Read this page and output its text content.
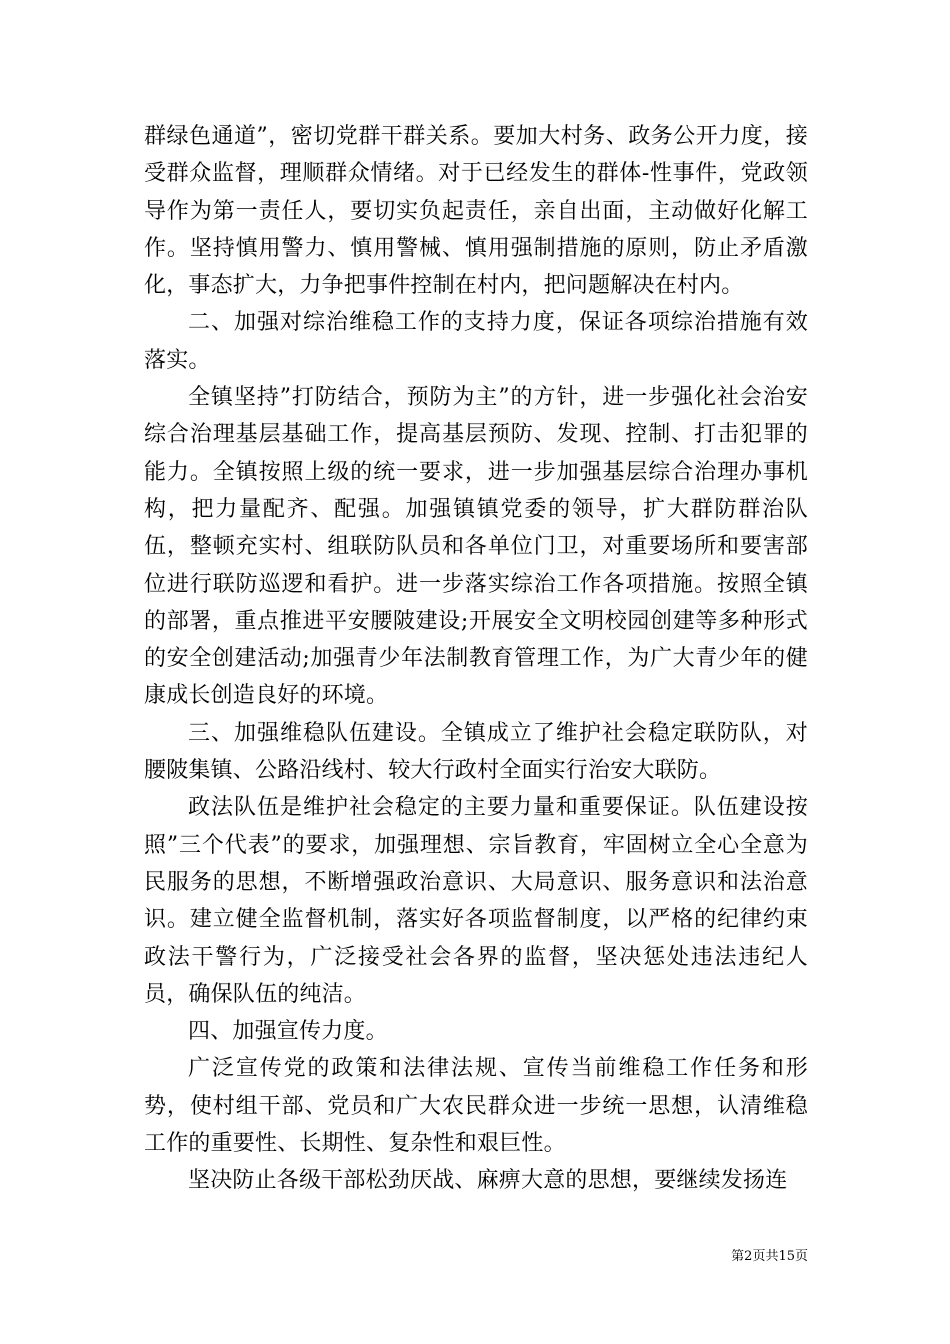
群绿色通道”，密切党群干群关系。要加大村务、政务公开力度，接受群众监督，理顺群众情绪。对于已经发生的群体-性事件，党政领导作为第一责任人，要切实负起责任，亲自出面，主动做好化解工作。坚持慎用警力、慎用警械、慎用强制措施的原则，防止矛盾激化，事态扩大，力争把事件控制在村内，把问题解决在村内。

二、加强对综治维稳工作的支持力度，保证各项综治措施有效落实。

全镇坚持”打防结合，预防为主”的方针，进一步强化社会治安综合治理基层基础工作，提高基层预防、发现、控制、打击犯罪的能力。全镇按照上级的统一要求，进一步加强基层综合治理办事机构，把力量配齐、配强。加强镇镇党委的领导，扩大群防群治队伍，整顿充实村、组联防队员和各单位门卫，对重要场所和要害部位进行联防巡逻和看护。进一步落实综治工作各项措施。按照全镇的部署，重点推进平安腰陂建设;开展安全文明校园创建等多种形式的安全创建活动;加强青少年法制教育管理工作，为广大青少年的健康成长创造良好的环境。

三、加强维稳队伍建设。全镇成立了维护社会稳定联防队，对腰陂集镇、公路沿线村、较大行政村全面实行治安大联防。

政法队伍是维护社会稳定的主要力量和重要保证。队伍建设按照”三个代表”的要求，加强理想、宗旨教育，牢固树立全心全意为民服务的思想，不断增强政治意识、大局意识、服务意识和法治意识。建立健全监督机制，落实好各项监督制度，以严格的纪律约束政法干警行为，广泛接受社会各界的监督，坚决惩处违法违纪人员，确保队伍的纯洁。

四、加强宣传力度。

广泛宣传党的政策和法律法规、宣传当前维稳工作任务和形势，使村组干部、党员和广大农民群众进一步统一思想，认清维稳工作的重要性、长期性、复杂性和艰巨性。

坚决防止各级干部松劲厌战、麻痹大意的思想，要继续发扬连

第2页共15页
